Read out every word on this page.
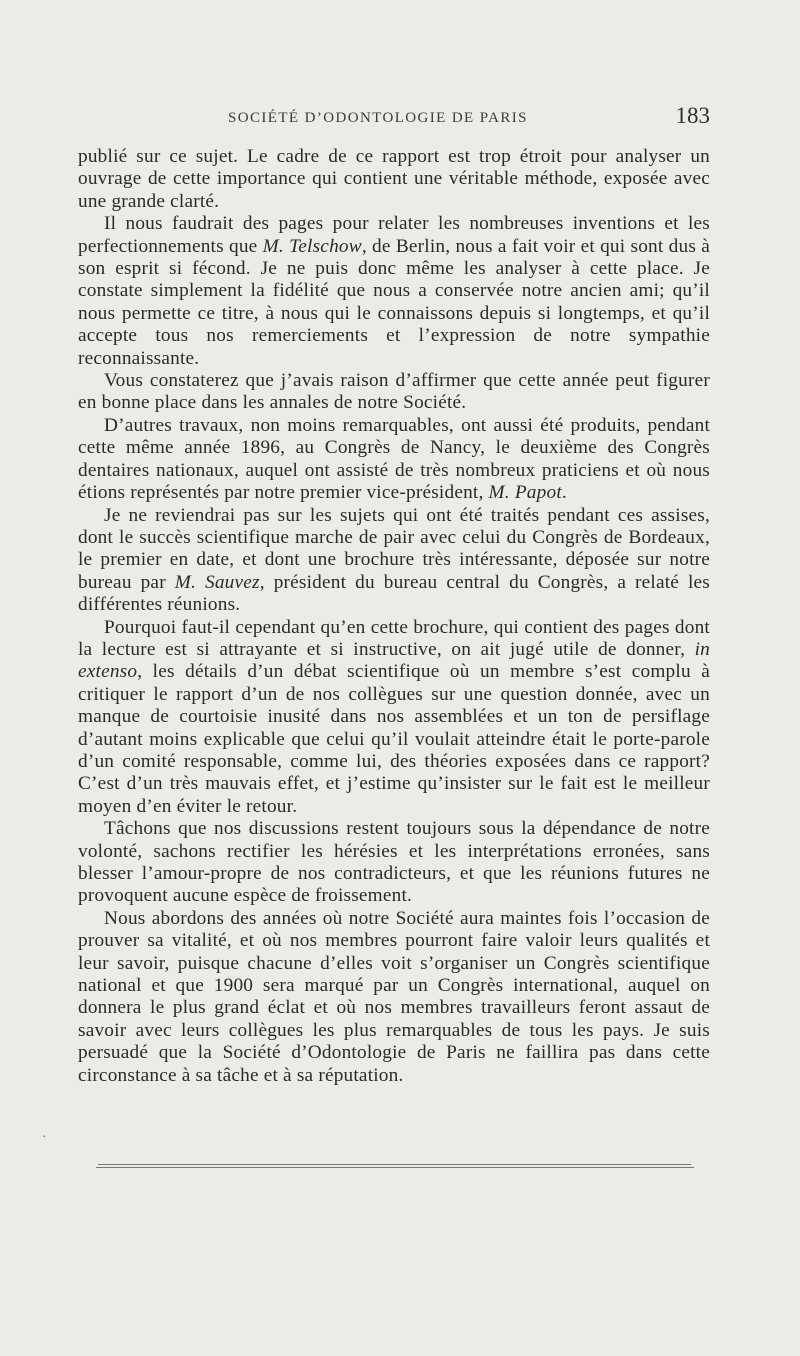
SOCIÉTÉ D’ODONTOLOGIE DE PARIS	183

publié sur ce sujet. Le cadre de ce rapport est trop étroit pour analyser un ouvrage de cette importance qui contient une véritable méthode, exposée avec une grande clarté.

Il nous faudrait des pages pour relater les nombreuses inventions et les perfectionnements que M. Telschow, de Berlin, nous a fait voir et qui sont dus à son esprit si fécond. Je ne puis donc même les analyser à cette place. Je constate simplement la fidélité que nous a conservée notre ancien ami; qu’il nous permette ce titre, à nous qui le connaissons depuis si longtemps, et qu’il accepte tous nos remerciements et l’expression de notre sympathie reconnaissante.

Vous constaterez que j’avais raison d’affirmer que cette année peut figurer en bonne place dans les annales de notre Société.

D’autres travaux, non moins remarquables, ont aussi été produits, pendant cette même année 1896, au Congrès de Nancy, le deuxième des Congrès dentaires nationaux, auquel ont assisté de très nombreux praticiens et où nous étions représentés par notre premier vice-président, M. Papot.

Je ne reviendrai pas sur les sujets qui ont été traités pendant ces assises, dont le succès scientifique marche de pair avec celui du Congrès de Bordeaux, le premier en date, et dont une brochure très intéressante, déposée sur notre bureau par M. Sauvez, président du bureau central du Congrès, a relaté les différentes réunions.

Pourquoi faut-il cependant qu’en cette brochure, qui contient des pages dont la lecture est si attrayante et si instructive, on ait jugé utile de donner, in extenso, les détails d’un débat scientifique où un membre s’est complu à critiquer le rapport d’un de nos collègues sur une question donnée, avec un manque de courtoisie inusité dans nos assemblées et un ton de persiflage d’autant moins explicable que celui qu’il voulait atteindre était le porte-parole d’un comité responsable, comme lui, des théories exposées dans ce rapport? C’est d’un très mauvais effet, et j’estime qu’insister sur le fait est le meilleur moyen d’en éviter le retour.

Tâchons que nos discussions restent toujours sous la dépendance de notre volonté, sachons rectifier les hérésies et les interprétations erronées, sans blesser l’amour-propre de nos contradicteurs, et que les réunions futures ne provoquent aucune espèce de froissement.

Nous abordons des années où notre Société aura maintes fois l’occasion de prouver sa vitalité, et où nos membres pourront faire valoir leurs qualités et leur savoir, puisque chacune d’elles voit s’organiser un Congrès scientifique national et que 1900 sera marqué par un Congrès international, auquel on donnera le plus grand éclat et où nos membres travailleurs feront assaut de savoir avec leurs collègues les plus remarquables de tous les pays. Je suis persuadé que la Société d’Odontologie de Paris ne faillira pas dans cette circonstance à sa tâche et à sa réputation.

·
